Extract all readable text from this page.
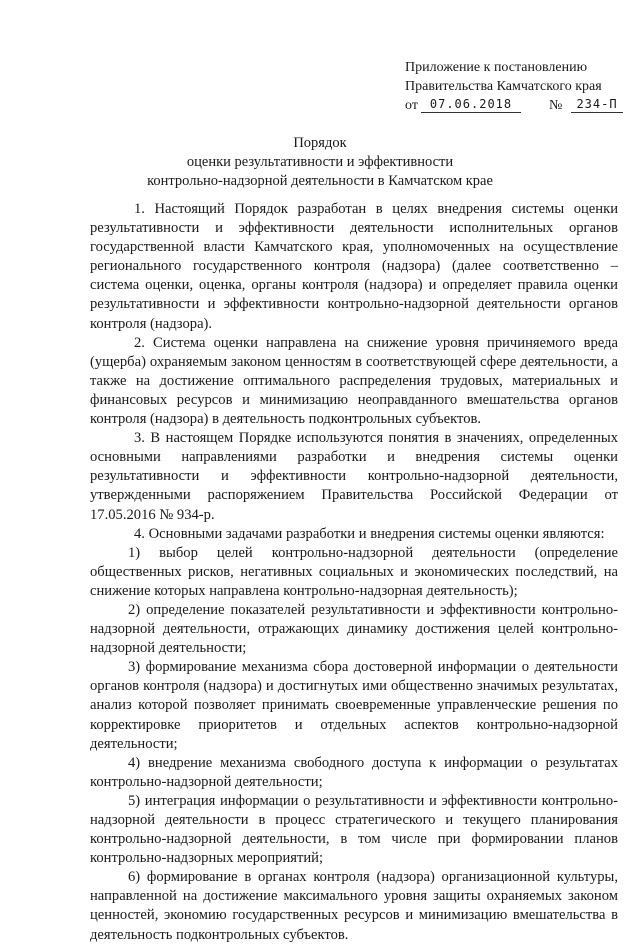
Приложение к постановлению
Правительства Камчатского края
от 07.06.2018	№	234-П
Порядок
оценки результативности и эффективности
контрольно-надзорной деятельности в Камчатском крае

1. Настоящий Порядок разработан в целях внедрения системы оценки результативности и эффективности деятельности исполнительных органов государственной власти Камчатского края, уполномоченных на осуществление регионального государственного контроля (надзора) (далее соответственно – система оценки, оценка, органы контроля (надзора) и определяет правила оценки результативности и эффективности контрольно-надзорной деятельности органов контроля (надзора).

2. Система оценки направлена на снижение уровня причиняемого вреда (ущерба) охраняемым законом ценностям в соответствующей сфере деятельности, а также на достижение оптимального распределения трудовых, материальных и финансовых ресурсов и минимизацию неоправданного вмешательства органов контроля (надзора) в деятельность подконтрольных субъектов.

3. В настоящем Порядке используются понятия в значениях, определенных основными направлениями разработки и внедрения системы оценки результативности и эффективности контрольно-надзорной деятельности, утвержденными распоряжением Правительства Российской Федерации от 17.05.2016 № 934-р.

4. Основными задачами разработки и внедрения системы оценки являются:

1) выбор целей контрольно-надзорной деятельности (определение общественных рисков, негативных социальных и экономических последствий, на снижение которых направлена контрольно-надзорная деятельность);

2) определение показателей результативности и эффективности контрольно-надзорной деятельности, отражающих динамику достижения целей контрольно-надзорной деятельности;

3) формирование механизма сбора достоверной информации о деятельности органов контроля (надзора) и достигнутых ими общественно значимых результатах, анализ которой позволяет принимать своевременные управленческие решения по корректировке приоритетов и отдельных аспектов контрольно-надзорной деятельности;

4) внедрение механизма свободного доступа к информации о результатах контрольно-надзорной деятельности;

5) интеграция информации о результативности и эффективности контрольно-надзорной деятельности в процесс стратегического и текущего планирования контрольно-надзорной деятельности, в том числе при формировании планов контрольно-надзорных мероприятий;

6) формирование в органах контроля (надзора) организационной культуры, направленной на достижение максимального уровня защиты охраняемых законом ценностей, экономию государственных ресурсов и минимизацию вмешательства в деятельность подконтрольных субъектов.
